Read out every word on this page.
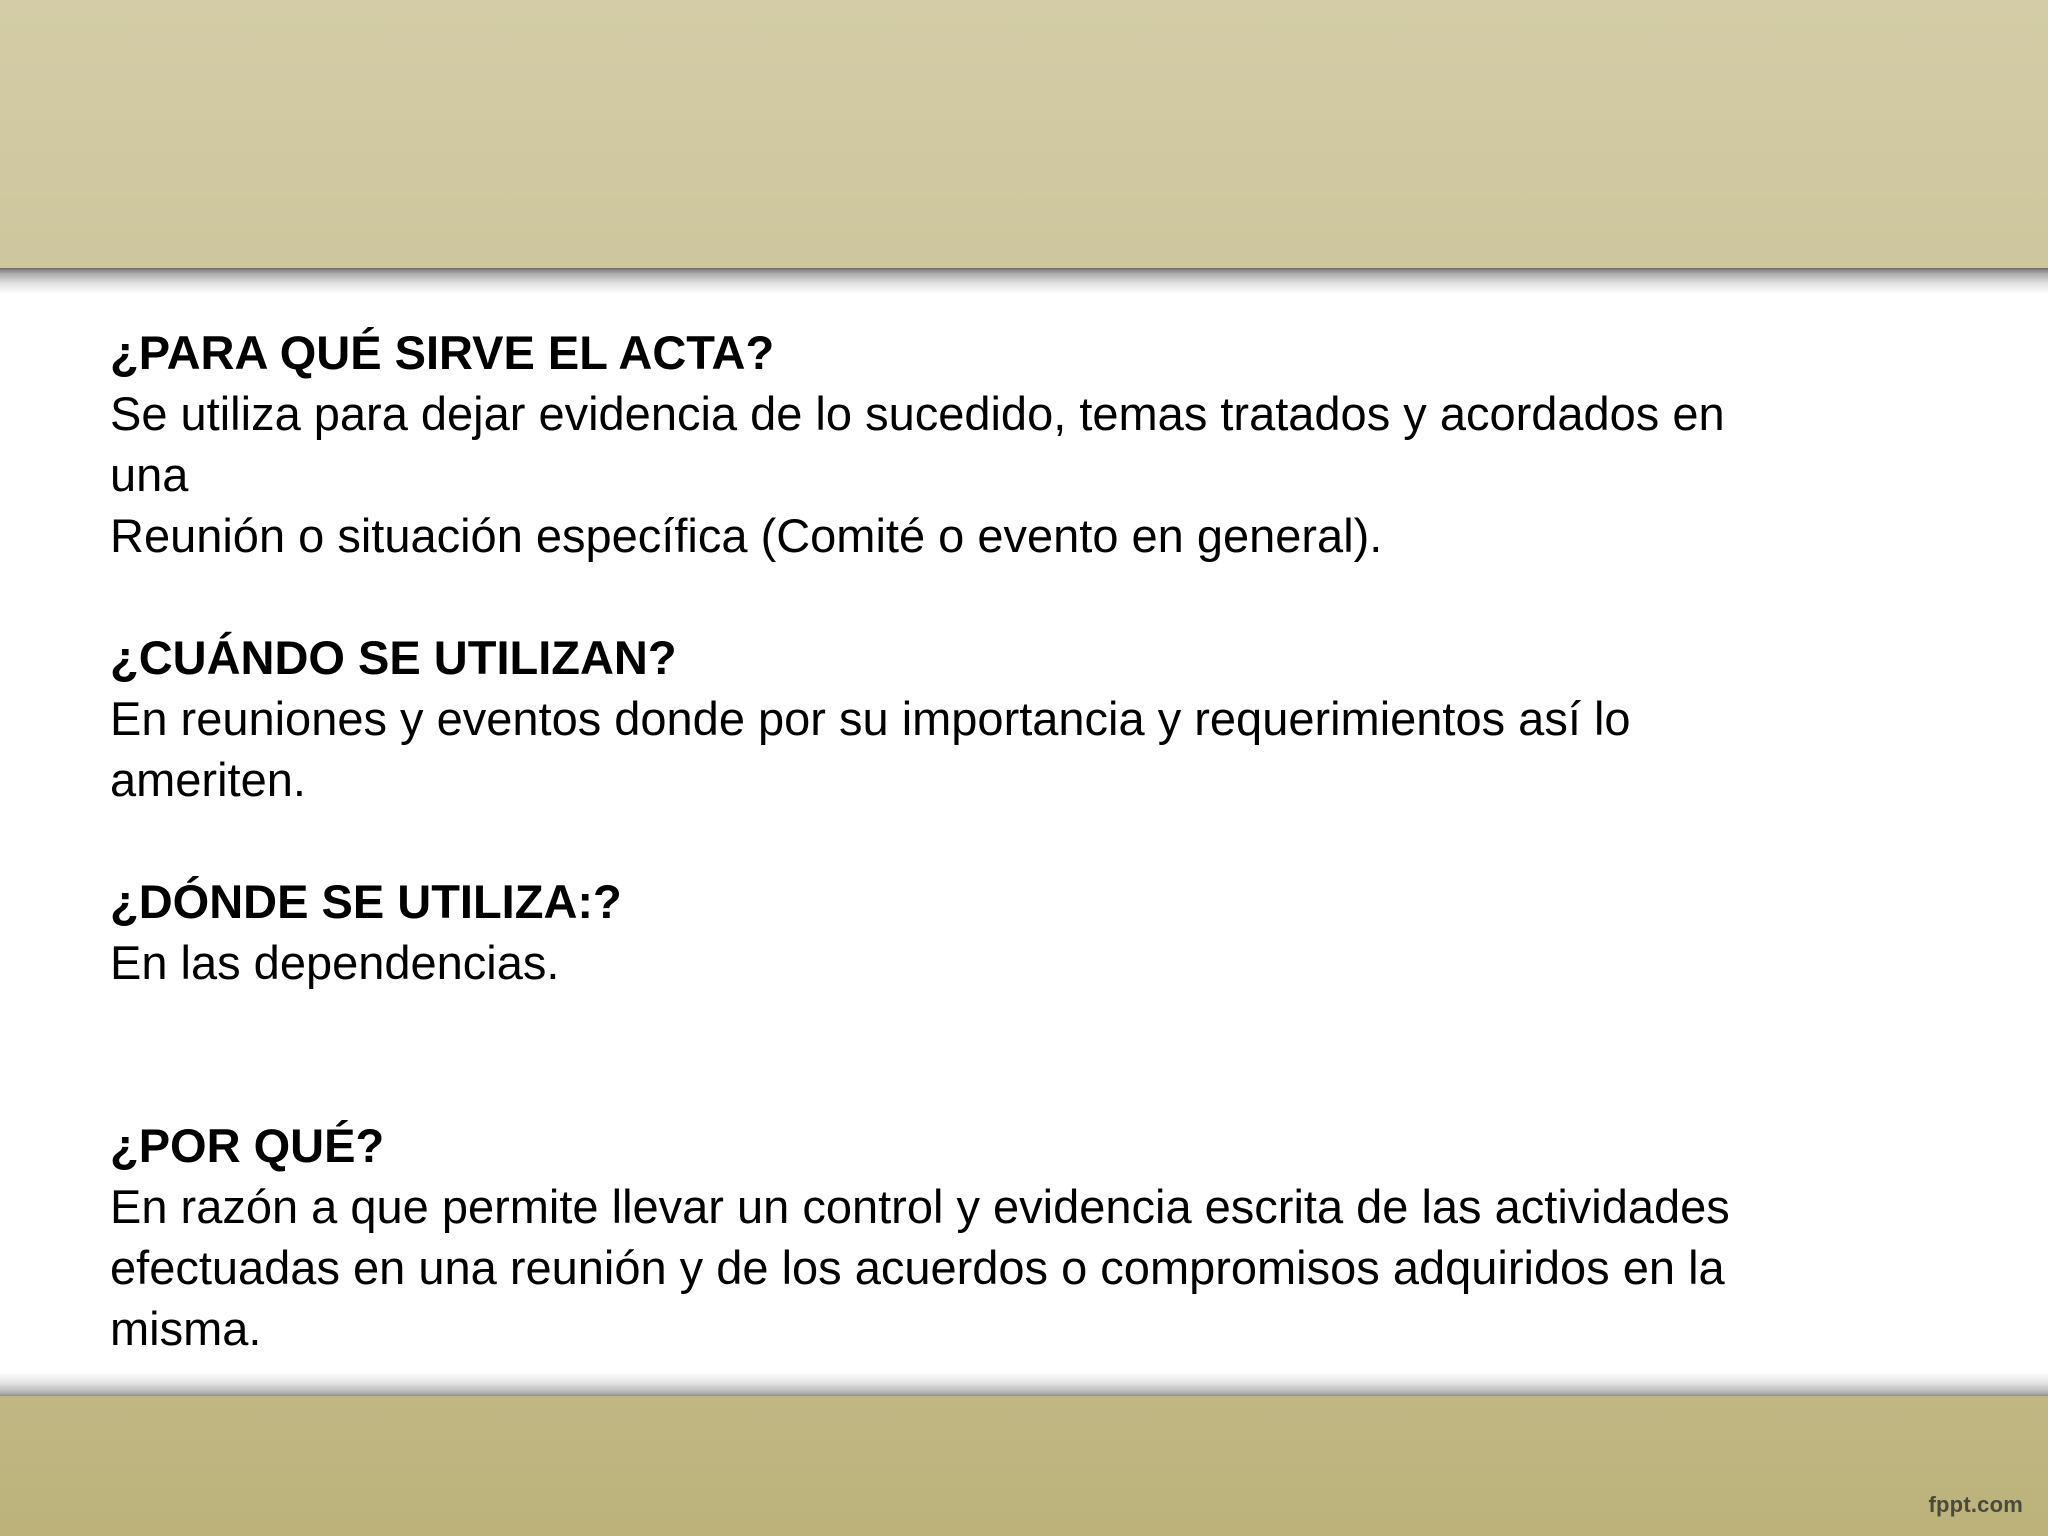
¿PARA QUÉ SIRVE EL ACTA?

Se utiliza para dejar evidencia de lo sucedido, temas tratados y acordados en

una

Reunión o situación específica (Comité o evento en general).

¿CUÁNDO SE UTILIZAN?

En reuniones y eventos donde por su importancia y requerimientos así lo

ameriten.

¿DÓNDE SE UTILIZA:?

En las dependencias.

¿POR QUÉ?

En razón a que permite llevar un control y evidencia escrita de las actividades

efectuadas en una reunión y de los acuerdos o compromisos adquiridos en la

misma.

fppt.com
